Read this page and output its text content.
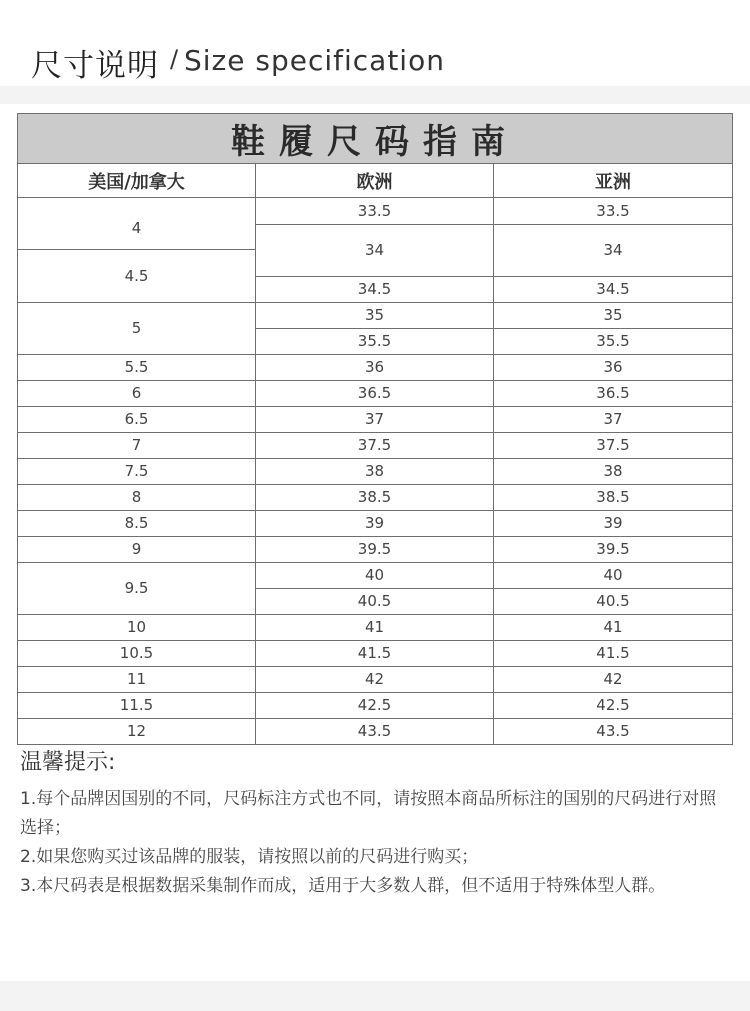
尺寸说明 / Size specification
鞋履尺码指南		
美国/加拿大	欧洲	亚洲
4	33.5	33.5

	34	34
4.5	34.5	34.5
5	35	35
	35.5	35.5
5.5	36	36
6	36.5	36.5
6.5	37	37
7	37.5	37.5
7.5	38	38
8	38.5	38.5
8.5	39	39
9	39.5	39.5
9.5	40	40
	40.5	40.5
10	41	41
10.5	41.5	41.5
11	42	42
11.5	42.5	42.5
12	43.5	43.5
温馨提示:

1.每个品牌因国别的不同，尺码标注方式也不同，请按照本商品所标注的国别的尺码进行对照选择；

2.如果您购买过该品牌的服装，请按照以前的尺码进行购买；

3.本尺码表是根据数据采集制作而成，适用于大多数人群，但不适用于特殊体型人群。
